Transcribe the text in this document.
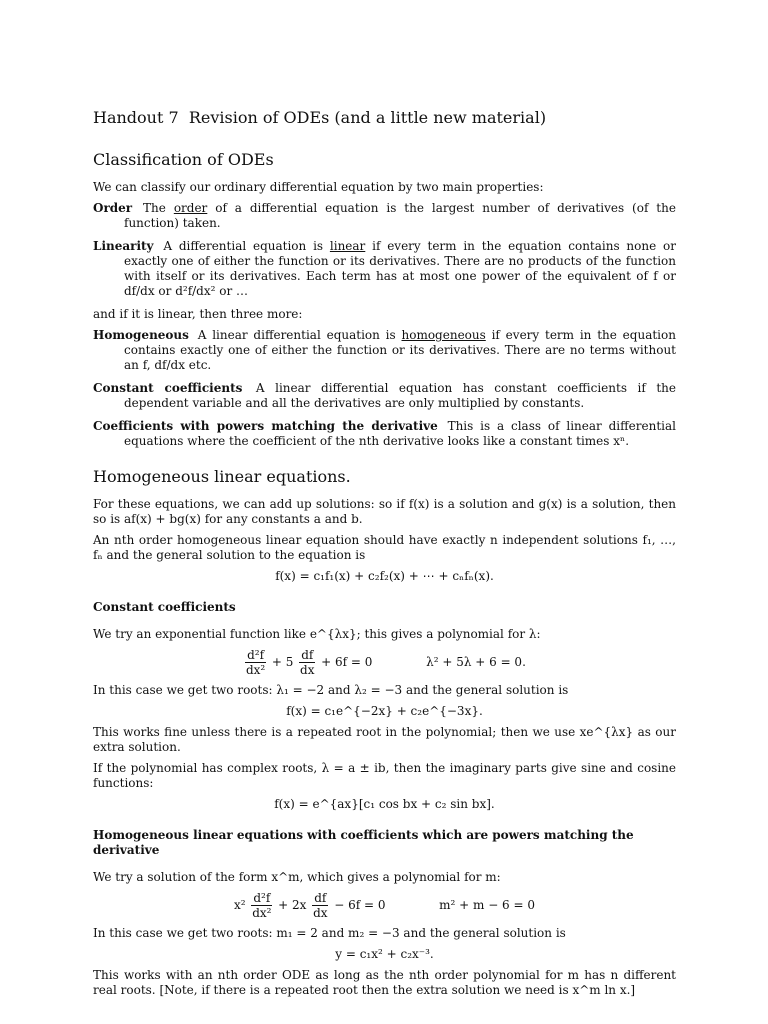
Handout 7 Revision of ODEs (and a little new material)
Classification of ODEs

We can classify our ordinary differential equation by two main properties:

Order The order of a differential equation is the largest number of derivatives (of the function) taken.
Linearity A differential equation is linear if every term in the equation contains none or exactly one of either the function or its derivatives. There are no products of the function with itself or its derivatives. Each term has at most one power of the equivalent of f or df/dx or d²f/dx² or …

and if it is linear, then three more:

Homogeneous A linear differential equation is homogeneous if every term in the equation contains exactly one of either the function or its derivatives. There are no terms without an f, df/dx etc.
Constant coefficients A linear differential equation has constant coefficients if the dependent variable and all the derivatives are only multiplied by constants.
Coefficients with powers matching the derivative This is a class of linear differential equations where the coefficient of the nth derivative looks like a constant times xⁿ.
Homogeneous linear equations.

For these equations, we can add up solutions: so if f(x) is a solution and g(x) is a solution, then so is af(x) + bg(x) for any constants a and b.

An nth order homogeneous linear equation should have exactly n independent solutions f₁, …, fₙ and the general solution to the equation is

f(x) = c₁f₁(x) + c₂f₂(x) + ⋯ + cₙfₙ(x).
Constant coefficients

We try an exponential function like e^{λx}; this gives a polynomial for λ:

$\frac{\text{d²f}}{\text{dx²}} + 5 \frac{df}{dx} + 6f = 0$	λ² + 5λ + 6 = 0.

In this case we get two roots: λ₁ = −2 and λ₂ = −3 and the general solution is

f(x) = c₁e^{−2x} + c₂e^{−3x}.

This works fine unless there is a repeated root in the polynomial; then we use xe^{λx} as our extra solution.

If the polynomial has complex roots, λ = a ± ib, then the imaginary parts give sine and cosine functions:

f(x) = e^{ax}[c₁ cos bx + c₂ sin bx].
Homogeneous linear equations with coefficients which are powers matching the derivative

We try a solution of the form x^m, which gives a polynomial for m:

$x^2 \frac{\text{d²f}}{\text{dx²}} + 2x \frac{df}{dx} - 6f = 0$	m² + m − 6 = 0

In this case we get two roots: m₁ = 2 and m₂ = −3 and the general solution is

y = c₁x² + c₂x⁻³.

This works with an nth order ODE as long as the nth order polynomial for m has n different real roots. [Note, if there is a repeated root then the extra solution we need is x^m ln x.]
